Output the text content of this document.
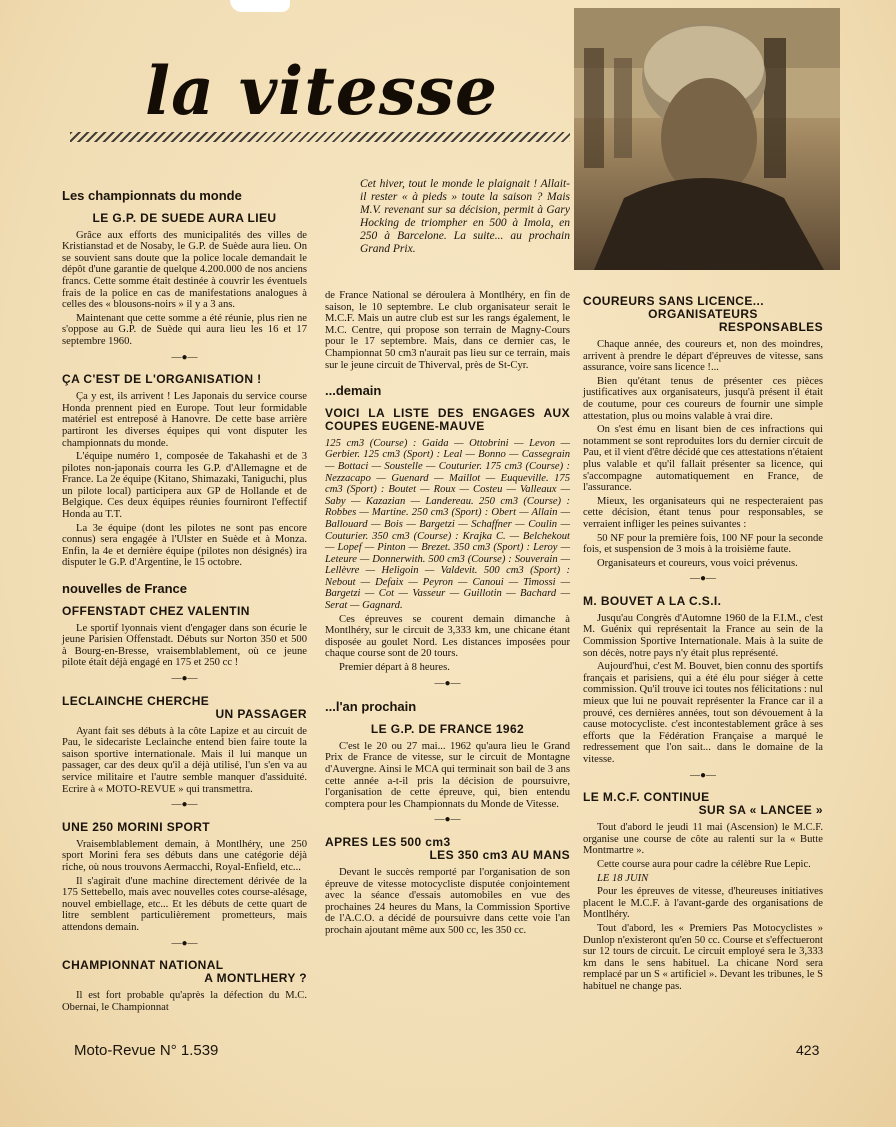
la vitesse
Cet hiver, tout le monde le plaignait ! Allait-il rester « à pieds » toute la saison ? Mais M.V. revenant sur sa décision, permit à Gary Hocking de triompher en 500 à Imola, en 250 à Barcelone. La suite... au prochain Grand Prix.
Les championnats du monde
LE G.P. DE SUEDE AURA LIEU

Grâce aux efforts des municipalités des villes de Kristianstad et de Nosaby, le G.P. de Suède aura lieu. On se souvient sans doute que la police locale demandait le dépôt d'une garantie de quelque 4.200.000 de nos anciens francs. Cette somme était destinée à couvrir les éventuels frais de la police en cas de manifestations analogues à celles des « blousons-noirs » il y a 3 ans.

Maintenant que cette somme a été réunie, plus rien ne s'oppose au G.P. de Suède qui aura lieu les 16 et 17 septembre 1960.

—●—
ÇA C'EST DE L'ORGANISATION !

Ça y est, ils arrivent ! Les Japonais du service course Honda prennent pied en Europe. Tout leur formidable matériel est entreposé à Hanovre. De cette base arrière partiront les diverses équipes qui vont disputer les championnats du monde.

L'équipe numéro 1, composée de Takahashi et de 3 pilotes non-japonais courra les G.P. d'Allemagne et de France. La 2e équipe (Kitano, Shimazaki, Taniguchi, plus un pilote local) participera aux GP de Hollande et de Belgique. Ces deux équipes réunies fourniront l'effectif Honda au T.T.

La 3e équipe (dont les pilotes ne sont pas encore connus) sera engagée à l'Ulster en Suède et à Monza. Enfin, la 4e et dernière équipe (pilotes non désignés) ira disputer le G.P. d'Argentine, le 15 octobre.

nouvelles de France
OFFENSTADT CHEZ VALENTIN

Le sportif lyonnais vient d'engager dans son écurie le jeune Parisien Offenstadt. Débuts sur Norton 350 et 500 à Bourg-en-Bresse, vraisemblablement, où ce jeune pilote était déjà engagé en 175 et 250 cc !

—●—
LECLAINCHE CHERCHE
UN PASSAGER

Ayant fait ses débuts à la côte Lapize et au circuit de Pau, le sidecariste Leclainche entend bien faire toute la saison sportive internationale. Mais il lui manque un passager, car des deux qu'il a déjà utilisé, l'un s'en va au service militaire et l'autre semble manquer d'assiduité. Ecrire à « MOTO-REVUE » qui transmettra.

—●—
UNE 250 MORINI SPORT

Vraisemblablement demain, à Montlhéry, une 250 sport Morini fera ses débuts dans une catégorie déjà riche, où nous trouvons Aermacchi, Royal-Enfield, etc...

Il s'agirait d'une machine directement dérivée de la 175 Settebello, mais avec nouvelles cotes course-alésage, nouvel embiellage, etc... Et les débuts de cette quart de litre semblent particulièrement prometteurs, mais attendons demain.

—●—
CHAMPIONNAT NATIONAL
A MONTLHERY ?

Il est fort probable qu'après la défection du M.C. Obernai, le Championnat

de France National se déroulera à Montlhéry, en fin de saison, le 10 septembre. Le club organisateur serait le M.C.F. Mais un autre club est sur les rangs également, le M.C. Centre, qui propose son terrain de Magny-Cours pour le 17 septembre. Mais, dans ce dernier cas, le Championnat 50 cm3 n'aurait pas lieu sur ce terrain, mais sur le jeune circuit de Thiverval, près de St-Cyr.

...demain
VOICI LA LISTE DES ENGAGES AUX COUPES EUGENE-MAUVE

125 cm3 (Course) : Gaida — Ottobrini — Levon — Gerbier. 125 cm3 (Sport) : Leal — Bonno — Cassegrain — Bottaci — Soustelle — Couturier. 175 cm3 (Course) : Nezzacapo — Guenard — Maillot — Euqueville. 175 cm3 (Sport) : Boutet — Roux — Costeu — Valleaux — Saby — Kazazian — Landereau. 250 cm3 (Course) : Robbes — Martine. 250 cm3 (Sport) : Obert — Allain — Ballouard — Bois — Bargetzi — Schaffner — Coulin — Couturier. 350 cm3 (Course) : Krajka C. — Belchekout — Lopef — Pinton — Brezet. 350 cm3 (Sport) : Leroy — Leteure — Donnerwith. 500 cm3 (Course) : Souverain — Lellèvre — Heligoin — Valdevit. 500 cm3 (Sport) : Nebout — Defaix — Peyron — Canoui — Timossi — Bargetzi — Cot — Vasseur — Guillotin — Bachard — Serat — Gagnard.

Ces épreuves se courent demain dimanche à Montlhéry, sur le circuit de 3,333 km, une chicane étant disposée au goulet Nord. Les distances imposées pour chaque course sont de 20 tours.

Premier départ à 8 heures.

—●—
...l'an prochain
LE G.P. DE FRANCE 1962

C'est le 20 ou 27 mai... 1962 qu'aura lieu le Grand Prix de France de vitesse, sur le circuit de Montagne d'Auvergne. Ainsi le MCA qui terminait son bail de 3 ans cette année a-t-il pris la décision de poursuivre, l'organisation de cette épreuve, qui, bien entendu comptera pour les Championnats du Monde de Vitesse.

—●—
APRES LES 500 cm3
LES 350 cm3 AU MANS

Devant le succès remporté par l'organisation de son épreuve de vitesse motocycliste disputée conjointement avec la séance d'essais automobiles en vue des prochaines 24 heures du Mans, la Commission Sportive de l'A.C.O. a décidé de poursuivre dans cette voie l'an prochain ajoutant même aux 500 cc, les 350 cc.

COUREURS SANS LICENCE...
ORGANISATEURS
RESPONSABLES

Chaque année, des coureurs et, non des moindres, arrivent à prendre le départ d'épreuves de vitesse, sans assurance, voire sans licence !...

Bien qu'étant tenus de présenter ces pièces justificatives aux organisateurs, jusqu'à présent il était de coutume, pour ces coureurs de fournir une simple attestation, plus ou moins valable à vrai dire.

On s'est ému en lisant bien de ces infractions qui notamment se sont reproduites lors du dernier circuit de Pau, et il vient d'être décidé que ces attestations n'étaient plus valable et qu'il fallait présenter sa licence, qui s'accompagne automatiquement en France, de l'assurance.

Mieux, les organisateurs qui ne respecteraient pas cette décision, étant tenus pour responsables, se verraient infliger les peines suivantes :

50 NF pour la première fois, 100 NF pour la seconde fois, et suspension de 3 mois à la troisième faute.

Organisateurs et coureurs, vous voici prévenus.

—●—
M. BOUVET A LA C.S.I.

Jusqu'au Congrès d'Automne 1960 de la F.I.M., c'est M. Guénix qui représentait la France au sein de la Commission Sportive Internationale. Mais à la suite de son décès, notre pays n'y était plus représenté.

Aujourd'hui, c'est M. Bouvet, bien connu des sportifs français et parisiens, qui a été élu pour siéger à cette commission. Qu'il trouve ici toutes nos félicitations : nul mieux que lui ne pouvait représenter la France car il a prouvé, ces dernières années, tout son dévouement à la cause motocycliste. c'est incontestablement grâce à ses efforts que la Fédération Française a marqué le redressement que l'on sait... dans le domaine de la vitesse.

—●—
LE M.C.F. CONTINUE
SUR SA « LANCEE »

Tout d'abord le jeudi 11 mai (Ascension) le M.C.F. organise une course de côte au ralenti sur la « Butte Montmartre ».

Cette course aura pour cadre la célèbre Rue Lepic.

LE 18 JUIN

Pour les épreuves de vitesse, d'heureuses initiatives placent le M.C.F. à l'avant-garde des organisations de Montlhéry.

Tout d'abord, les « Premiers Pas Motocyclistes » Dunlop n'existeront qu'en 50 cc. Course et s'effectueront sur 12 tours de circuit. Le circuit employé sera le 3,333 km dans le sens habituel. La chicane Nord sera remplacé par un S « artificiel ». Devant les tribunes, le S habituel ne change pas.

Moto-Revue N° 1.539	423
